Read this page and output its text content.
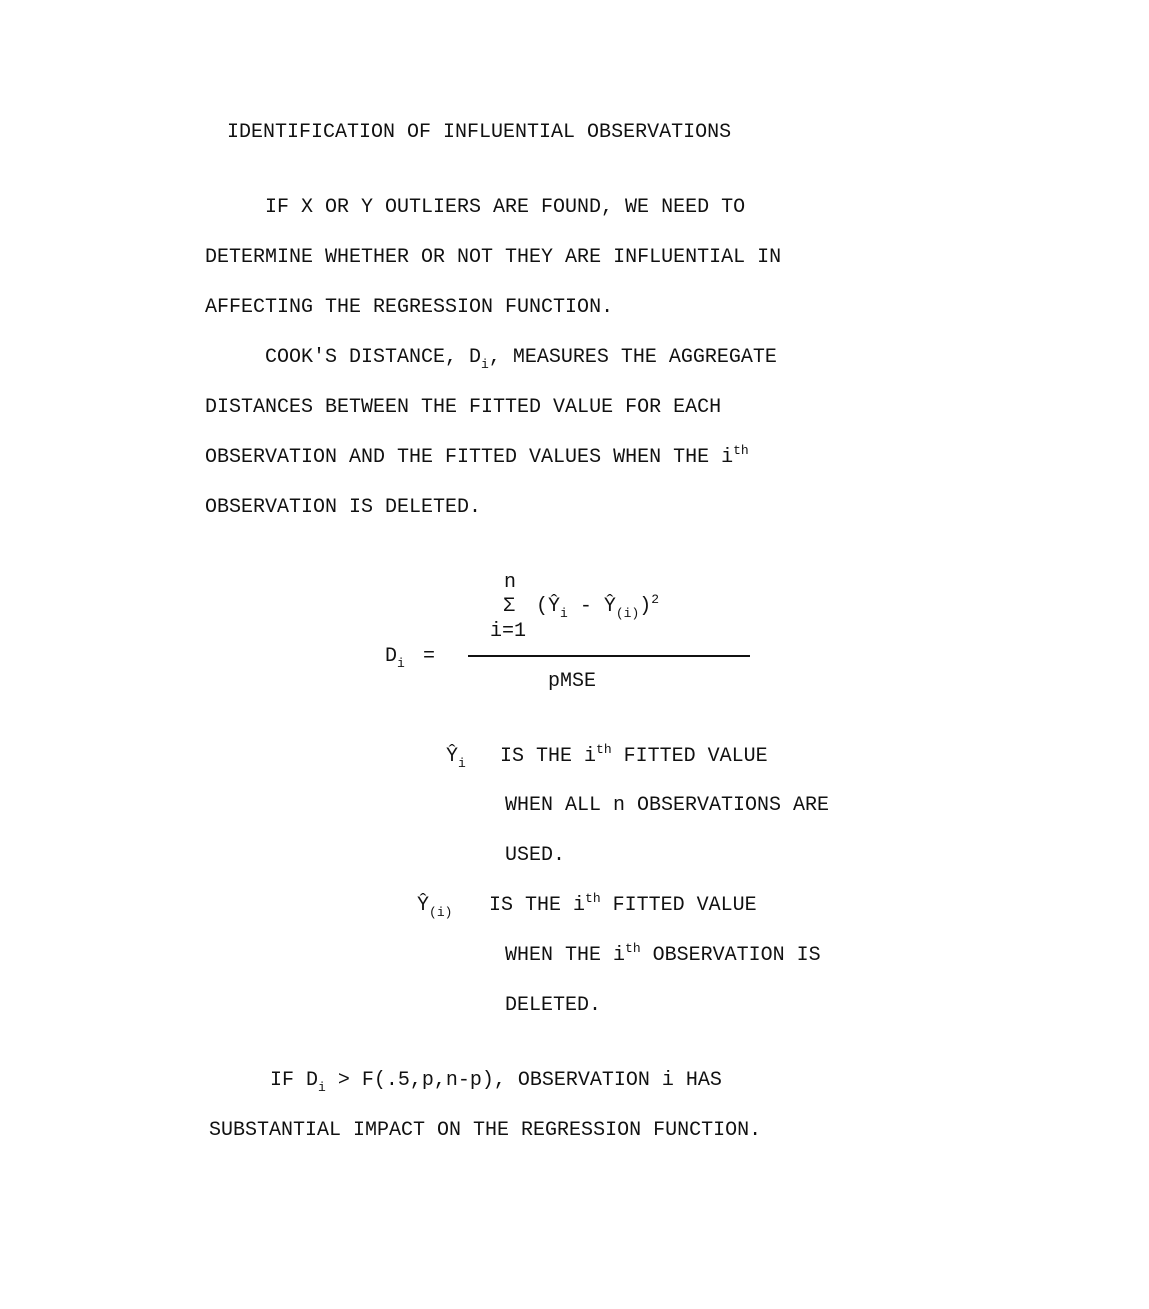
IDENTIFICATION OF INFLUENTIAL OBSERVATIONS
IF X OR Y OUTLIERS ARE FOUND, WE NEED TO
DETERMINE WHETHER OR NOT THEY ARE INFLUENTIAL IN
AFFECTING THE REGRESSION FUNCTION.
COOK'S DISTANCE, $D_i$, MEASURES THE AGGREGATE
DISTANCES BETWEEN THE FITTED VALUE FOR EACH
OBSERVATION AND THE FITTED VALUES WHEN THE $i^{th}$
OBSERVATION IS DELETED.
$D_i$ =
n
Σ
i=1
($Ŷ_i$ - $Ŷ_{(i)})^2$
pMSE
$Ŷ_i$ IS THE $i^{th}$ FITTED VALUE
WHEN ALL n OBSERVATIONS ARE
USED.
$Ŷ_{(i)}$ IS THE $i^{th}$ FITTED VALUE
WHEN THE $i^{th}$ OBSERVATION IS
DELETED.
IF $D_i > F(.5,p,n-p)$, OBSERVATION i HAS
SUBSTANTIAL IMPACT ON THE REGRESSION FUNCTION.
